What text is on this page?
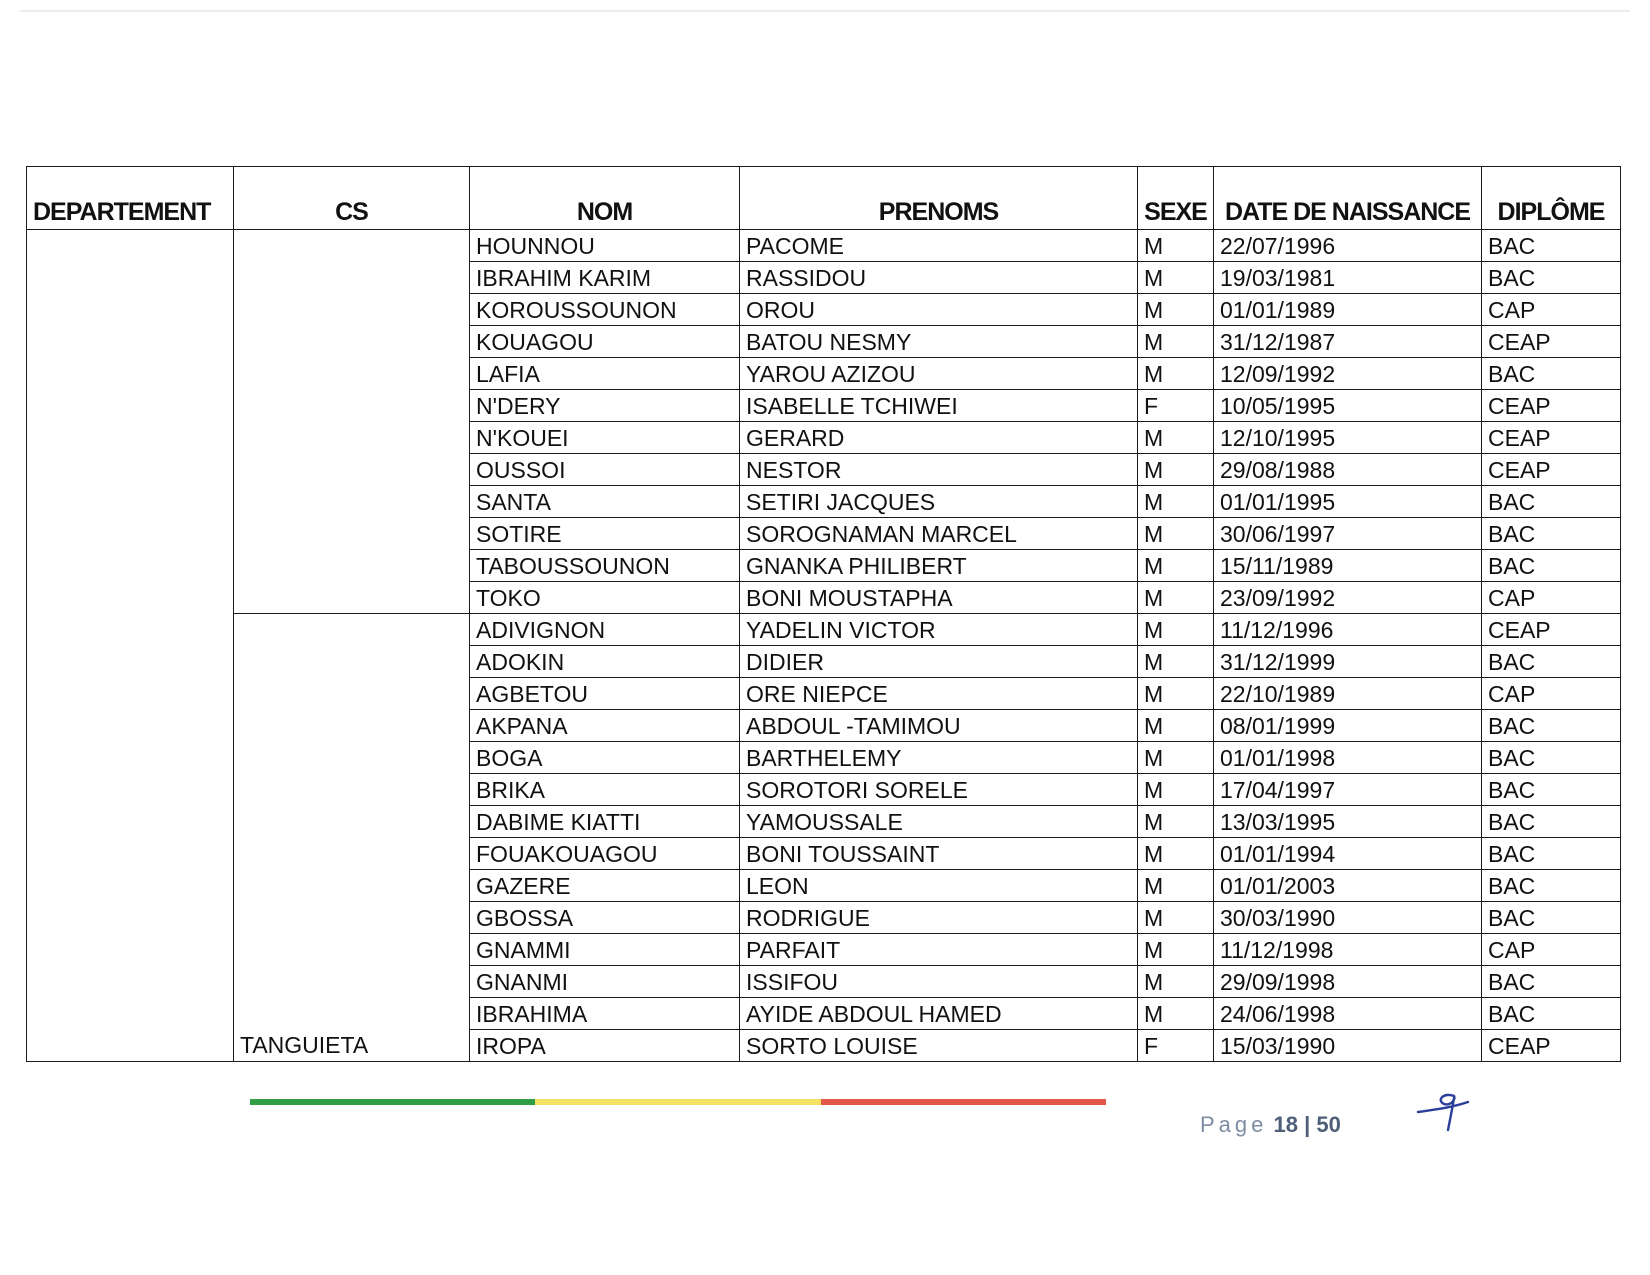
DEPARTEMENT	CS	NOM	PRENOMS	SEXE	DATE DE NAISSANCE	DIPLÔME
		HOUNNOU	PACOME	M	22/07/1996	BAC
		IBRAHIM KARIM	RASSIDOU	M	19/03/1981	BAC
		KOROUSSOUNON	OROU	M	01/01/1989	CAP
		KOUAGOU	BATOU NESMY	M	31/12/1987	CEAP
		LAFIA	YAROU AZIZOU	M	12/09/1992	BAC
		N'DERY	ISABELLE TCHIWEI	F	10/05/1995	CEAP
		N'KOUEI	GERARD	M	12/10/1995	CEAP
		OUSSOI	NESTOR	M	29/08/1988	CEAP
		SANTA	SETIRI JACQUES	M	01/01/1995	BAC
		SOTIRE	SOROGNAMAN MARCEL	M	30/06/1997	BAC
		TABOUSSOUNON	GNANKA PHILIBERT	M	15/11/1989	BAC
		TOKO	BONI MOUSTAPHA	M	23/09/1992	CAP
	TANGUIETA	ADIVIGNON	YADELIN VICTOR	M	11/12/1996	CEAP
		ADOKIN	DIDIER	M	31/12/1999	BAC
		AGBETOU	ORE NIEPCE	M	22/10/1989	CAP
		AKPANA	ABDOUL -TAMIMOU	M	08/01/1999	BAC
		BOGA	BARTHELEMY	M	01/01/1998	BAC
		BRIKA	SOROTORI SORELE	M	17/04/1997	BAC
		DABIME KIATTI	YAMOUSSALE	M	13/03/1995	BAC
		FOUAKOUAGOU	BONI TOUSSAINT	M	01/01/1994	BAC
		GAZERE	LEON	M	01/01/2003	BAC
		GBOSSA	RODRIGUE	M	30/03/1990	BAC
		GNAMMI	PARFAIT	M	11/12/1998	CAP
		GNANMI	ISSIFOU	M	29/09/1998	BAC
		IBRAHIMA	AYIDE ABDOUL HAMED	M	24/06/1998	BAC
		IROPA	SORTO LOUISE	F	15/03/1990	CEAP
Page 18 | 50
